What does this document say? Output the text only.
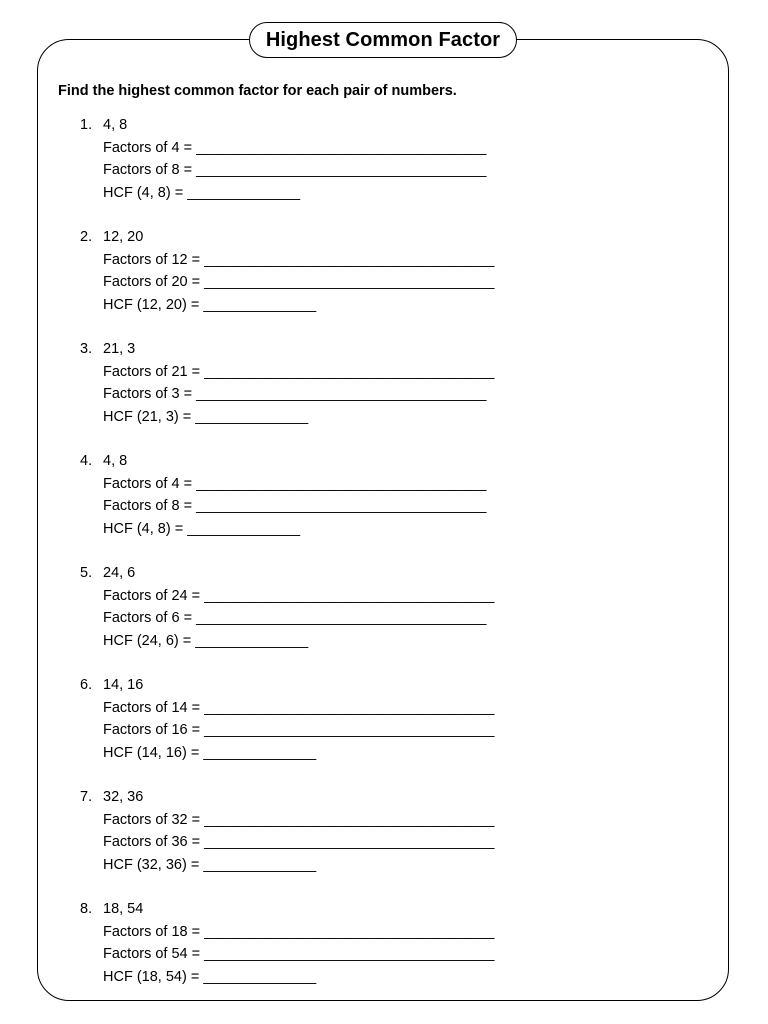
Highest Common Factor
Find the highest common factor for each pair of numbers.
1. 4, 8
Factors of 4 = ____________________________________
Factors of 8 = ____________________________________
HCF (4, 8) = ______________
2. 12, 20
Factors of 12 = ____________________________________
Factors of 20 = ____________________________________
HCF (12, 20) = ______________
3. 21, 3
Factors of 21 = ____________________________________
Factors of 3 = ____________________________________
HCF (21, 3) = ______________
4. 4, 8
Factors of 4 = ____________________________________
Factors of 8 = ____________________________________
HCF (4, 8) = ______________
5. 24, 6
Factors of 24 = ____________________________________
Factors of 6 = ____________________________________
HCF (24, 6) = ______________
6. 14, 16
Factors of 14 = ____________________________________
Factors of 16 = ____________________________________
HCF (14, 16) = ______________
7. 32, 36
Factors of 32 = ____________________________________
Factors of 36 = ____________________________________
HCF (32, 36) = ______________
8. 18, 54
Factors of 18 = ____________________________________
Factors of 54 = ____________________________________
HCF (18, 54) = ______________
